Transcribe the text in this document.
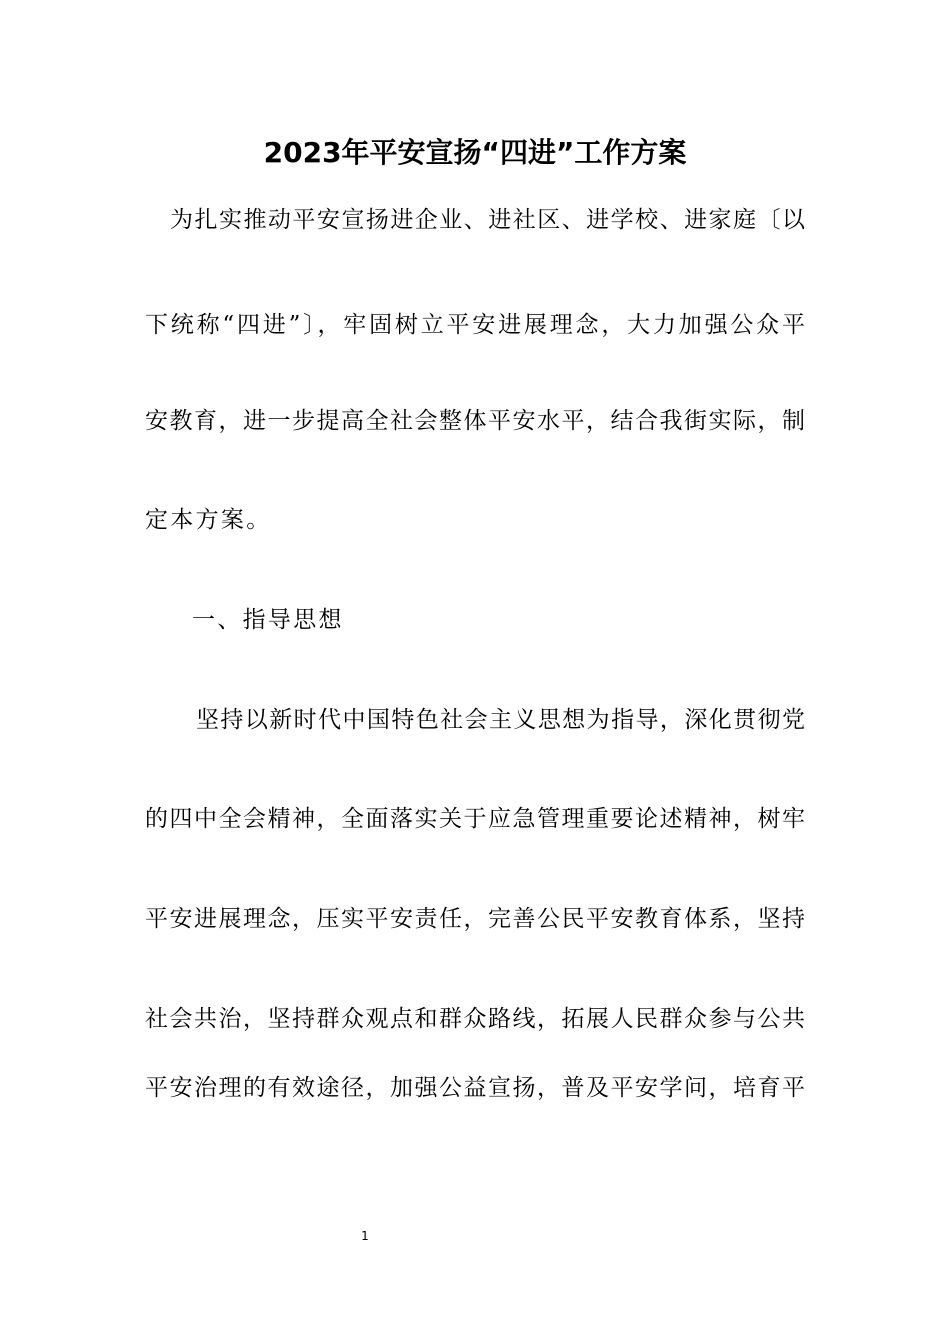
2023年平安宣扬“四进”工作方案
为扎实推动平安宣扬进企业、进社区、进学校、进家庭〔以
下统称“四进”〕，牢固树立平安进展理念，大力加强公众平
安教育，进一步提高全社会整体平安水平，结合我街实际，制
定本方案。
一、指导思想
坚持以新时代中国特色社会主义思想为指导，深化贯彻党
的四中全会精神，全面落实关于应急管理重要论述精神，树牢
平安进展理念，压实平安责任，完善公民平安教育体系，坚持
社会共治，坚持群众观点和群众路线，拓展人民群众参与公共
平安治理的有效途径，加强公益宣扬，普及平安学问，培育平
1
